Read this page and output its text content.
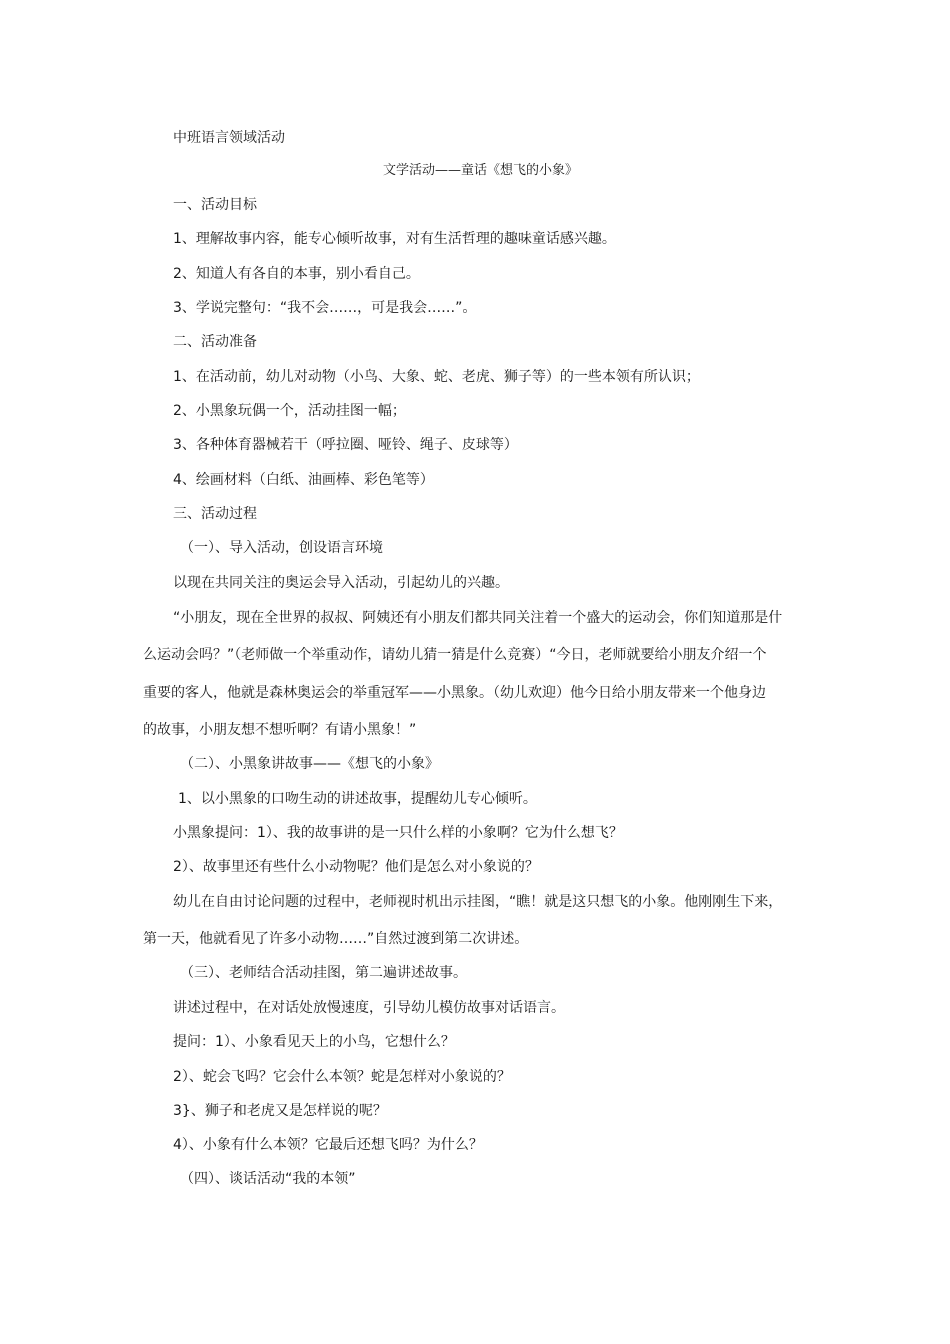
中班语言领域活动
文学活动——童话《想飞的小象》
一、活动目标
1、理解故事内容，能专心倾听故事，对有生活哲理的趣味童话感兴趣。
2、知道人有各自的本事，别小看自己。
3、学说完整句：“我不会……，可是我会……”。
二、活动准备
1、在活动前，幼儿对动物（小鸟、大象、蛇、老虎、狮子等）的一些本领有所认识；
2、小黑象玩偶一个，活动挂图一幅；
3、各种体育器械若干（呼拉圈、哑铃、绳子、皮球等）
4、绘画材料（白纸、油画棒、彩色笔等）
三、活动过程
（一）、导入活动，创设语言环境
以现在共同关注的奥运会导入活动，引起幼儿的兴趣。
“小朋友，现在全世界的叔叔、阿姨还有小朋友们都共同关注着一个盛大的运动会，你们知道那是什
么运动会吗？”（老师做一个举重动作，请幼儿猜一猜是什么竞赛）“今日，老师就要给小朋友介绍一个
重要的客人，他就是森林奥运会的举重冠军——小黑象。（幼儿欢迎）他今日给小朋友带来一个他身边
的故事，小朋友想不想听啊？有请小黑象！”
（二）、小黑象讲故事——《想飞的小象》
1、以小黑象的口吻生动的讲述故事，提醒幼儿专心倾听。
小黑象提问：1）、我的故事讲的是一只什么样的小象啊？它为什么想飞？
2）、故事里还有些什么小动物呢？他们是怎么对小象说的？
幼儿在自由讨论问题的过程中，老师视时机出示挂图，“瞧！就是这只想飞的小象。他刚刚生下来，
第一天，他就看见了许多小动物……”自然过渡到第二次讲述。
（三）、老师结合活动挂图，第二遍讲述故事。
讲述过程中，在对话处放慢速度，引导幼儿模仿故事对话语言。
提问：1）、小象看见天上的小鸟，它想什么？
2）、蛇会飞吗？它会什么本领？蛇是怎样对小象说的？
3}、狮子和老虎又是怎样说的呢？
4）、小象有什么本领？它最后还想飞吗？为什么？
（四）、谈话活动“我的本领”
